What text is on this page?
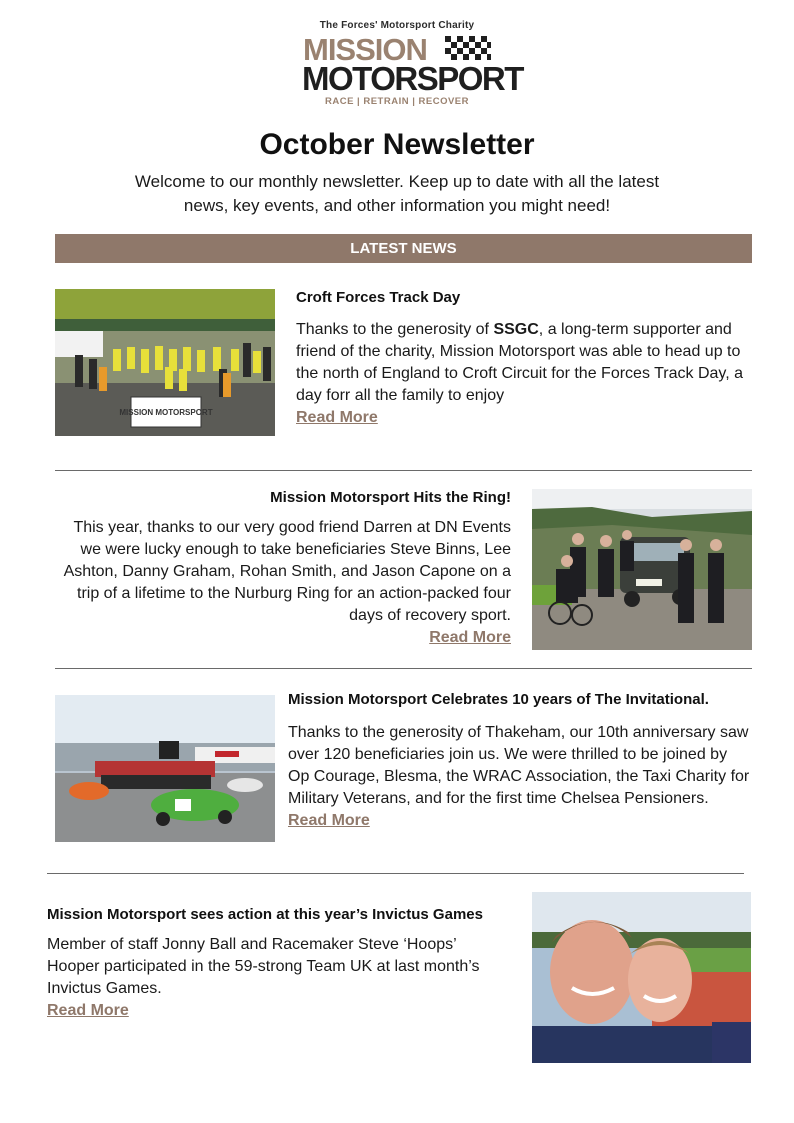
The Forces' Motorsport Charity
MISSION
MOTORSPORT
RACE | RETRAIN | RECOVER
October Newsletter

Welcome to our monthly newsletter. Keep up to date with all the latest news, key events, and other information you might need!

LATEST NEWS
MISSION MOTORSPORT
Croft Forces Track Day

Thanks to the generosity of SSGC, a long-term supporter and friend of the charity, Mission Motorsport was able to head up to the north of England to Croft Circuit for the Forces Track Day, a day forr all the family to enjoy
Read More

Mission Motorsport Hits the Ring!

This year, thanks to our very good friend Darren at DN Events we were lucky enough to take beneficiaries Steve Binns, Lee Ashton, Danny Graham, Rohan Smith, and Jason Capone on a trip of a lifetime to the Nurburg Ring for an action-packed four days of recovery sport.
Read More

Mission Motorsport Celebrates 10 years of The Invitational.

Thanks to the generosity of Thakeham, our 10th anniversary saw over 120 beneficiaries join us. We were thrilled to be joined by Op Courage, Blesma, the WRAC Association, the Taxi Charity for Military Veterans, and for the first time Chelsea Pensioners.
Read More

Mission Motorsport sees action at this year’s Invictus Games

Member of staff Jonny Ball and Racemaker Steve ‘Hoops’ Hooper participated in the 59-strong Team UK at last month’s Invictus Games.
Read More
